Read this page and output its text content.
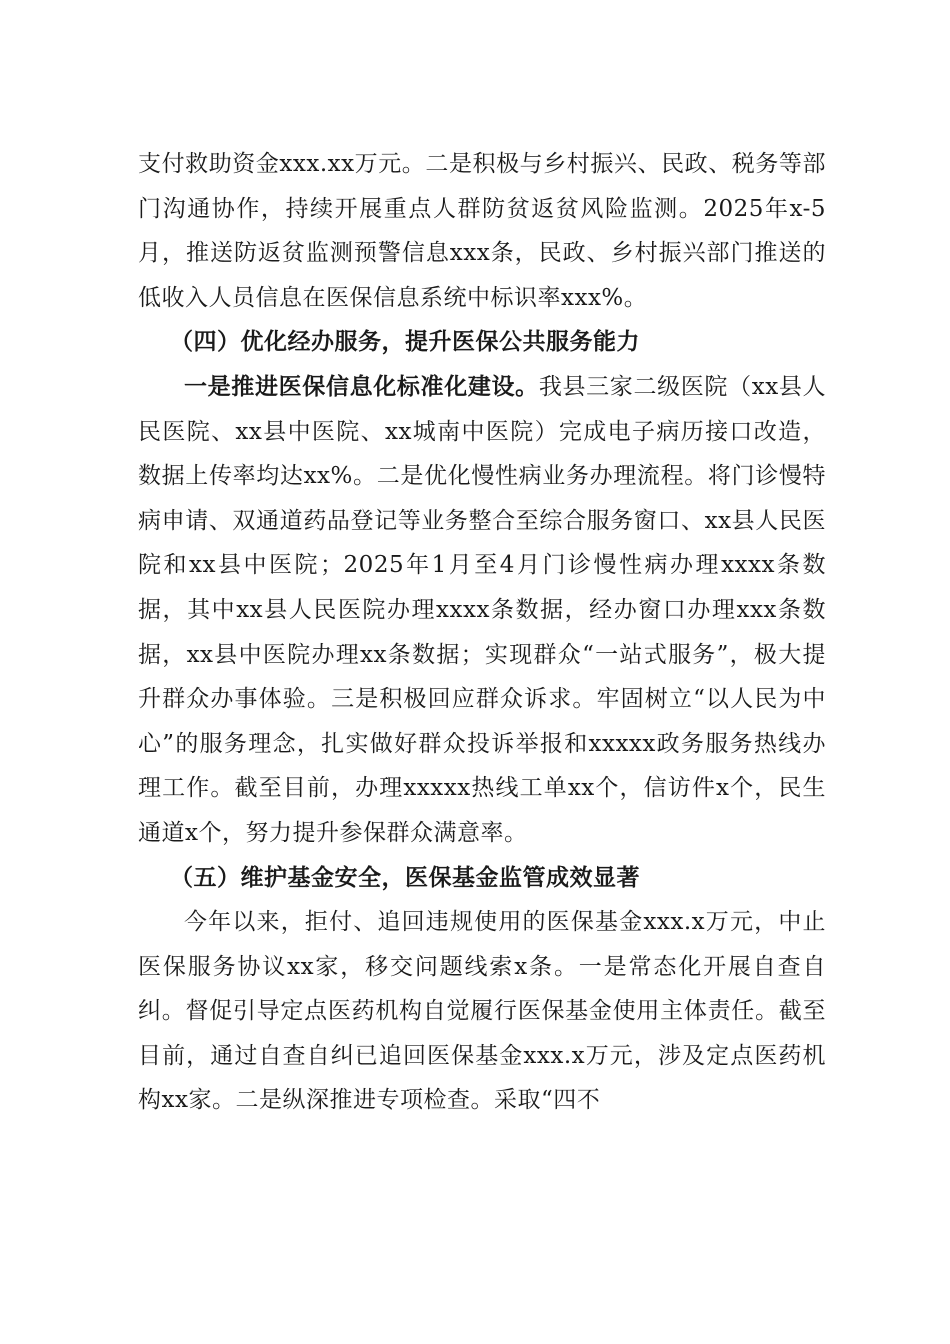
支付救助资金xxx.xx万元。二是积极与乡村振兴、民政、税务等部门沟通协作，持续开展重点人群防贫返贫风险监测。2025年x-5月，推送防返贫监测预警信息xxx条，民政、乡村振兴部门推送的低收入人员信息在医保信息系统中标识率xxx%。

（四）优化经办服务，提升医保公共服务能力

一是推进医保信息化标准化建设。我县三家二级医院（xx县人民医院、xx县中医院、xx城南中医院）完成电子病历接口改造，数据上传率均达xx%。二是优化慢性病业务办理流程。将门诊慢特病申请、双通道药品登记等业务整合至综合服务窗口、xx县人民医院和xx县中医院；2025年1月至4月门诊慢性病办理xxxx条数据，其中xx县人民医院办理xxxx条数据，经办窗口办理xxx条数据，xx县中医院办理xx条数据；实现群众“一站式服务”，极大提升群众办事体验。三是积极回应群众诉求。牢固树立“以人民为中心”的服务理念，扎实做好群众投诉举报和xxxxx政务服务热线办理工作。截至目前，办理xxxxx热线工单xx个，信访件x个，民生通道x个，努力提升参保群众满意率。

（五）维护基金安全，医保基金监管成效显著

今年以来，拒付、追回违规使用的医保基金xxx.x万元，中止医保服务协议xx家，移交问题线索x条。一是常态化开展自查自纠。督促引导定点医药机构自觉履行医保基金使用主体责任。截至目前，通过自查自纠已追回医保基金xxx.x万元，涉及定点医药机构xx家。二是纵深推进专项检查。采取“四不
